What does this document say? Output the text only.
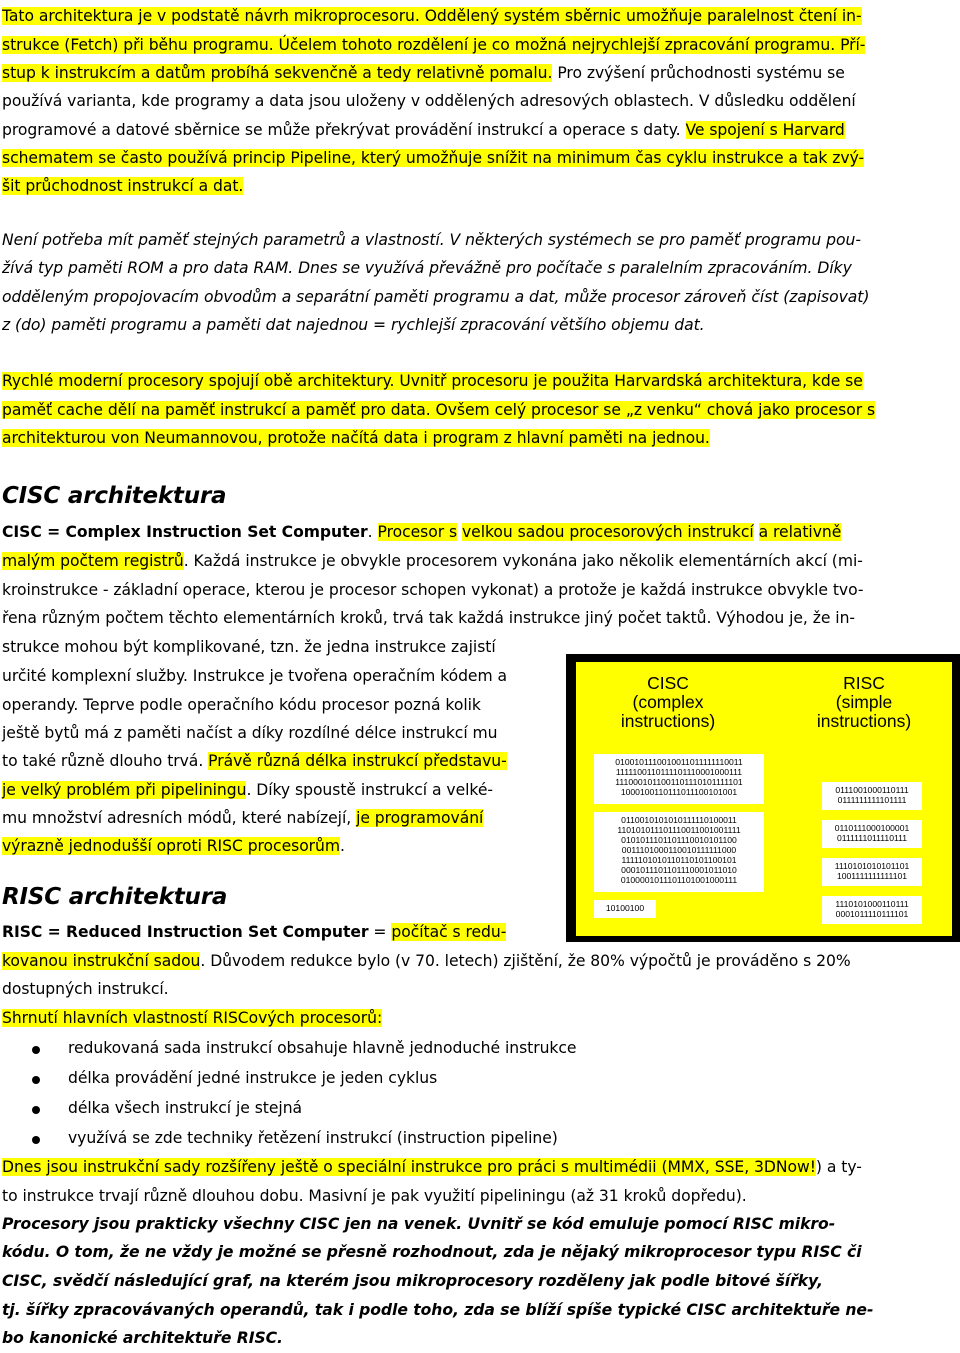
Tato architektura je v podstatě návrh mikroprocesoru. Oddělený systém sběrnic umožňuje paralelnost čtení in-
strukce (Fetch) při běhu programu. Účelem tohoto rozdělení je co možná nejrychlejší zpracování programu. Pří-
stup k instrukcím a datům probíhá sekvenčně a tedy relativně pomalu. Pro zvýšení průchodnosti systému se
používá varianta, kde programy a data jsou uloženy v oddělených adresových oblastech. V důsledku oddělení
programové a datové sběrnice se může překrývat provádění instrukcí a operace s daty. Ve spojení s Harvard
schematem se často používá princip Pipeline, který umožňuje snížit na minimum čas cyklu instrukce a tak zvý-
šit průchodnost instrukcí a dat.
Není potřeba mít paměť stejných parametrů a vlastností. V některých systémech se pro paměť programu pou-
žívá typ paměti ROM a pro data RAM. Dnes se využívá převážně pro počítače s paralelním zpracováním. Díky
odděleným propojovacím obvodům a separátní paměti programu a dat, může procesor zároveň číst (zapisovat)
z (do) paměti programu a paměti dat najednou = rychlejší zpracování většího objemu dat.
Rychlé moderní procesory spojují obě architektury. Uvnitř procesoru je použita Harvardská architektura, kde se
paměť cache dělí na paměť instrukcí a paměť pro data. Ovšem celý procesor se „z venku“ chová jako procesor s
architekturou von Neumannovou, protože načítá data i program z hlavní paměti na jednou.
CISC architektura
CISC = Complex Instruction Set Computer. Procesor s velkou sadou procesorových instrukcí a relativně
malým počtem registrů. Každá instrukce je obvykle procesorem vykonána jako několik elementárních akcí (mi-
kroinstrukce - základní operace, kterou je procesor schopen vykonat) a protože je každá instrukce obvykle tvo-
řena různým počtem těchto elementárních kroků, trvá tak každá instrukce jiný počet taktů. Výhodou je, že in-
strukce mohou být komplikované, tzn. že jedna instrukce zajistí
určité komplexní služby. Instrukce je tvořena operačním kódem a
operandy. Teprve podle operačního kódu procesor pozná kolik
ještě bytů má z paměti načíst a díky rozdílné délce instrukcí mu
to také různě dlouho trvá. Právě různá délka instrukcí představu-
je velký problém při pipeliningu. Díky spoustě instrukcí a velké-
mu množství adresních módů, které nabízejí, je programování
výrazně jednodušší oproti RISC procesorům.
CISC
(complex
instructions)
RISC
(simple
instructions)
0100101110010011011111110011
1111100110111101110001000111
1110001011001101110101111101
1000100110111011100101001
0110010101010111110100011
110101011101110011001001111
0101011101101110010101100
0011101000110010111111000
1111101010110110101100101
0001011101101110001011010
0100001011101101001000111
10100100
0111001000110111
0111111111101111
0110111000100001
0111111011110111
1110101010101101
1001111111111101
1110101000110111
0001011110111101
RISC architektura
RISC = Reduced Instruction Set Computer = počítač s redu-
kovanou instrukční sadou. Důvodem redukce bylo (v 70. letech) zjištění, že 80% výpočtů je prováděno s 20%
dostupných instrukcí.
Shrnutí hlavních vlastností RISCových procesorů:
redukovaná sada instrukcí obsahuje hlavně jednoduché instrukce
délka provádění jedné instrukce je jeden cyklus
délka všech instrukcí je stejná
využívá se zde techniky řetězení instrukcí (instruction pipeline)
Dnes jsou instrukční sady rozšířeny ještě o speciální instrukce pro práci s multimédii (MMX, SSE, 3DNow!) a ty-
to instrukce trvají různě dlouhou dobu. Masivní je pak využití pipeliningu (až 31 kroků dopředu).
Procesory jsou prakticky všechny CISC jen na venek. Uvnitř se kód emuluje pomocí RISC mikro-
kódu. O tom, že ne vždy je možné se přesně rozhodnout, zda je nějaký mikroprocesor typu RISC či
CISC, svědčí následující graf, na kterém jsou mikroprocesory rozděleny jak podle bitové šířky,
tj. šířky zpracovávaných operandů, tak i podle toho, zda se blíží spíše typické CISC architektuře ne-
bo kanonické architektuře RISC.
